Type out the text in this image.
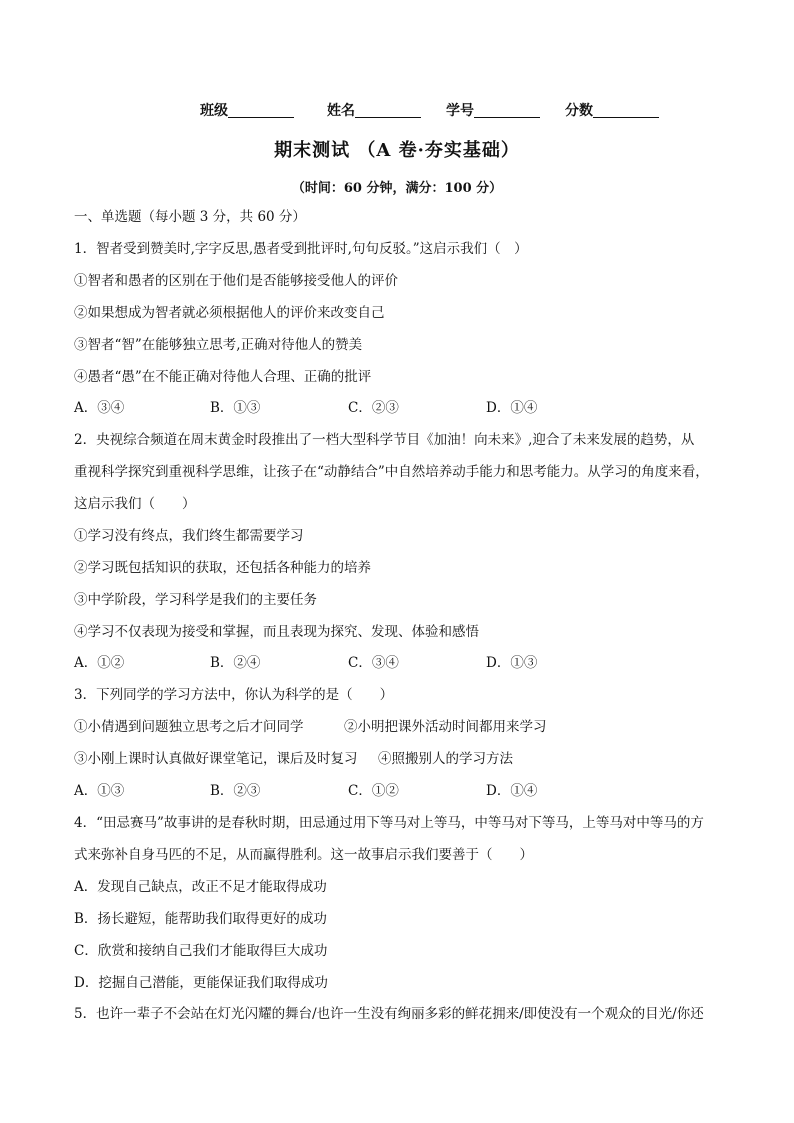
班级	姓名	学号	分数
期末测试 （A 卷·夯实基础）
（时间：60 分钟，满分：100 分）
一、单选题（每小题 3 分，共 60 分）
1．智者受到赞美时,字字反思,愚者受到批评时,句句反驳。”这启示我们（　）
①智者和愚者的区别在于他们是否能够接受他人的评价
②如果想成为智者就必须根据他人的评价来改变自己
③智者“智”在能够独立思考,正确对待他人的赞美
④愚者“愚”在不能正确对待他人合理、正确的批评
A．③④	B．①③	C．②③	D．①④
2．央视综合频道在周末黄金时段推出了一档大型科学节目《加油！向未来》,迎合了未来发展的趋势，从
重视科学探究到重视科学思维，让孩子在“动静结合”中自然培养动手能力和思考能力。从学习的角度来看，
这启示我们（　　）
①学习没有终点，我们终生都需要学习
②学习既包括知识的获取，还包括各种能力的培养
③中学阶段，学习科学是我们的主要任务
④学习不仅表现为接受和掌握，而且表现为探究、发现、体验和感悟
A．①②	B．②④	C．③④	D．①③
3．下列同学的学习方法中，你认为科学的是（　　）
①小倩遇到问题独立思考之后才问同学	②小明把课外活动时间都用来学习
③小刚上课时认真做好课堂笔记，课后及时复习 ④照搬别人的学习方法
A．①③	B．②③	C．①②	D．①④
4．“田忌赛马”故事讲的是春秋时期，田忌通过用下等马对上等马，中等马对下等马，上等马对中等马的方
式来弥补自身马匹的不足，从而赢得胜利。这一故事启示我们要善于（　　）
A．发现自己缺点，改正不足才能取得成功
B．扬长避短，能帮助我们取得更好的成功
C．欣赏和接纳自己我们才能取得巨大成功
D．挖掘自己潜能，更能保证我们取得成功
5．也许一辈子不会站在灯光闪耀的舞台/也许一生没有绚丽多彩的鲜花拥来/即使没有一个观众的目光/你还
